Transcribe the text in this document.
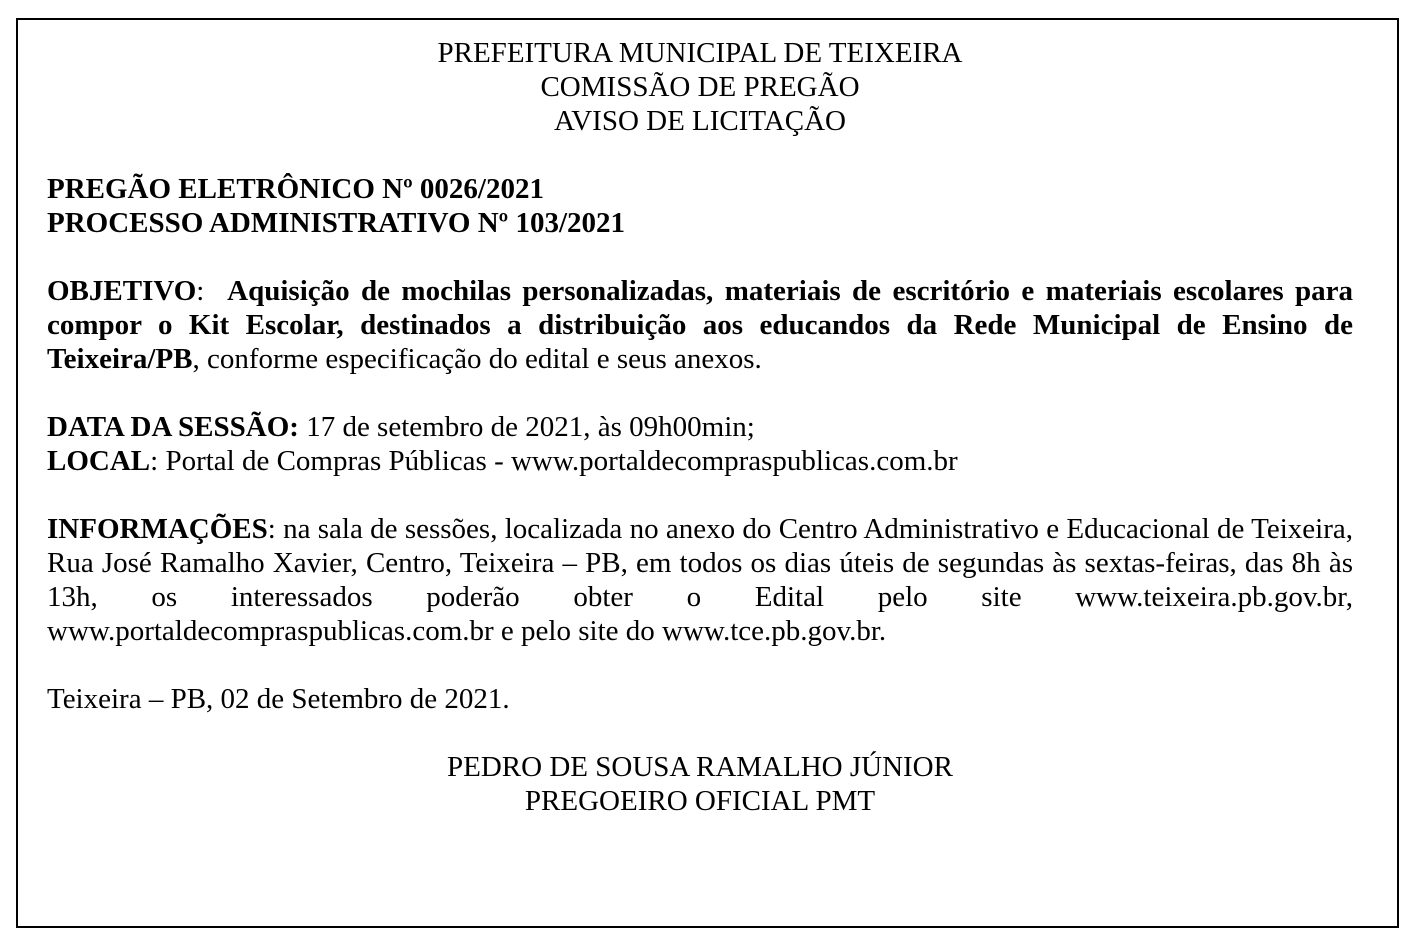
PREFEITURA MUNICIPAL DE TEIXEIRA

COMISSÃO DE PREGÃO

AVISO DE LICITAÇÃO

PREGÃO ELETRÔNICO Nº 0026/2021

PROCESSO ADMINISTRATIVO Nº 103/2021

OBJETIVO:  Aquisição de mochilas personalizadas, materiais de escritório e materiais escolares para compor o Kit Escolar, destinados a distribuição aos educandos da Rede Municipal de Ensino de Teixeira/PB, conforme especificação do edital e seus anexos.

DATA DA SESSÃO: 17 de setembro de 2021, às 09h00min;

LOCAL: Portal de Compras Públicas - www.portaldecompraspublicas.com.br

INFORMAÇÕES: na sala de sessões, localizada no anexo do Centro Administrativo e Educacional de Teixeira, Rua José Ramalho Xavier, Centro, Teixeira – PB, em todos os dias úteis de segundas às sextas-feiras, das 8h às 13h, os interessados poderão obter o Edital pelo site www.teixeira.pb.gov.br, www.portaldecompraspublicas.com.br e pelo site do www.tce.pb.gov.br.

Teixeira – PB, 02 de Setembro de 2021.

PEDRO DE SOUSA RAMALHO JÚNIOR

PREGOEIRO OFICIAL PMT
